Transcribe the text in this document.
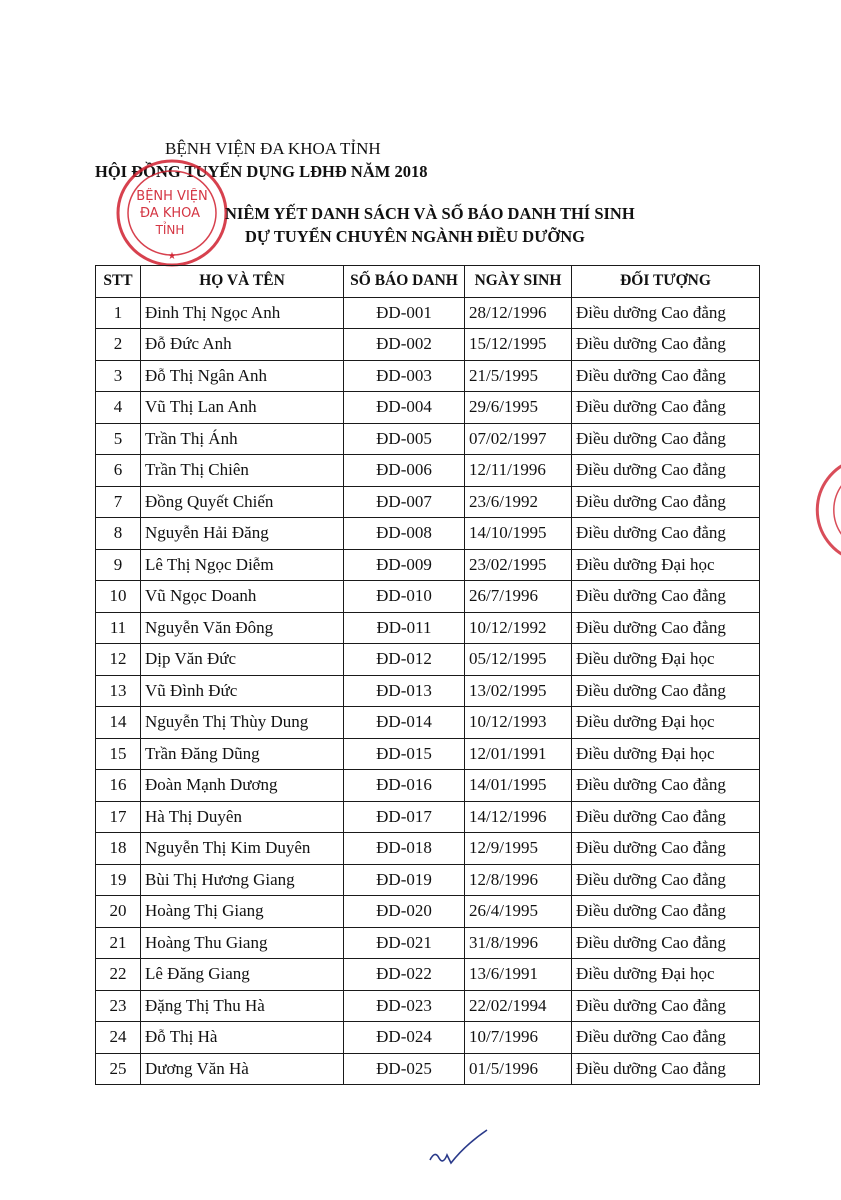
BỆNH VIỆN ĐA KHOA TỈNH
HỘI ĐỒNG TUYỂN DỤNG LĐHĐ NĂM 2018
BỆNH VIỆN
ĐA KHOA
TỈNH
★
NIÊM YẾT DANH SÁCH VÀ SỐ BÁO DANH THÍ SINH
DỰ TUYỂN CHUYÊN NGÀNH ĐIỀU DƯỠNG
STT	HỌ VÀ TÊN	SỐ BÁO DANH	NGÀY SINH	ĐỐI TƯỢNG
1	Đinh Thị Ngọc Anh	ĐD-001	28/12/1996	Điều dưỡng Cao đẳng
2	Đỗ Đức Anh	ĐD-002	15/12/1995	Điều dưỡng Cao đẳng
3	Đỗ Thị Ngân Anh	ĐD-003	21/5/1995	Điều dưỡng Cao đẳng
4	Vũ Thị Lan Anh	ĐD-004	29/6/1995	Điều dưỡng Cao đẳng
5	Trần Thị Ánh	ĐD-005	07/02/1997	Điều dưỡng Cao đẳng
6	Trần Thị Chiên	ĐD-006	12/11/1996	Điều dưỡng Cao đẳng
7	Đồng Quyết Chiến	ĐD-007	23/6/1992	Điều dưỡng Cao đẳng
8	Nguyễn Hải Đăng	ĐD-008	14/10/1995	Điều dưỡng Cao đẳng
9	Lê Thị Ngọc Diễm	ĐD-009	23/02/1995	Điều dưỡng Đại học
10	Vũ Ngọc Doanh	ĐD-010	26/7/1996	Điều dưỡng Cao đẳng
11	Nguyễn Văn Đông	ĐD-011	10/12/1992	Điều dưỡng Cao đẳng
12	Dịp Văn Đức	ĐD-012	05/12/1995	Điều dưỡng Đại học
13	Vũ Đình Đức	ĐD-013	13/02/1995	Điều dưỡng Cao đẳng
14	Nguyễn Thị Thùy Dung	ĐD-014	10/12/1993	Điều dưỡng Đại học
15	Trần Đăng Dũng	ĐD-015	12/01/1991	Điều dưỡng Đại học
16	Đoàn Mạnh Dương	ĐD-016	14/01/1995	Điều dưỡng Cao đẳng
17	Hà Thị Duyên	ĐD-017	14/12/1996	Điều dưỡng Cao đẳng
18	Nguyễn Thị Kim Duyên	ĐD-018	12/9/1995	Điều dưỡng Cao đẳng
19	Bùi Thị Hương Giang	ĐD-019	12/8/1996	Điều dưỡng Cao đẳng
20	Hoàng Thị Giang	ĐD-020	26/4/1995	Điều dưỡng Cao đẳng
21	Hoàng Thu Giang	ĐD-021	31/8/1996	Điều dưỡng Cao đẳng
22	Lê Đăng Giang	ĐD-022	13/6/1991	Điều dưỡng Đại học
23	Đặng Thị Thu Hà	ĐD-023	22/02/1994	Điều dưỡng Cao đẳng
24	Đỗ Thị Hà	ĐD-024	10/7/1996	Điều dưỡng Cao đẳng
25	Dương Văn Hà	ĐD-025	01/5/1996	Điều dưỡng Cao đẳng
